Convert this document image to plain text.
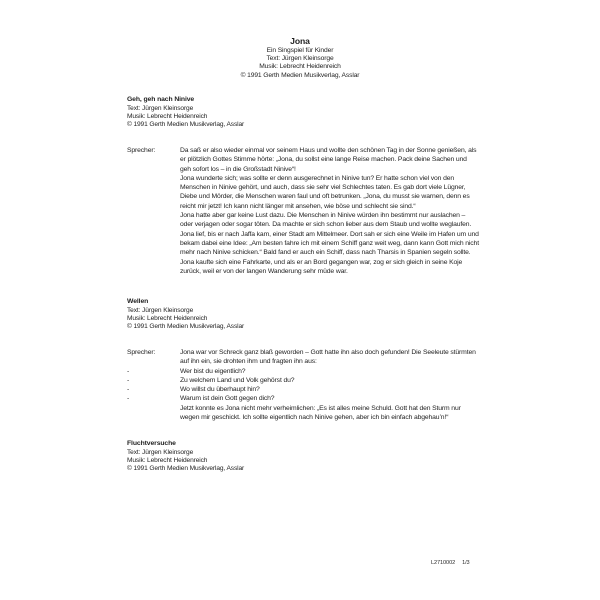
Jona
Ein Singspiel für Kinder
Text: Jürgen Kleinsorge
Musik: Lebrecht Heidenreich
© 1991 Gerth Medien Musikverlag, Asslar
Geh, geh nach Ninive
Text: Jürgen Kleinsorge
Musik: Lebrecht Heidenreich
© 1991 Gerth Medien Musikverlag, Asslar
Sprecher:	Da saß er also wieder einmal vor seinem Haus und wollte den schönen Tag in der Sonne genießen, als er plötzlich Gottes Stimme hörte: „Jona, du sollst eine lange Reise machen. Pack deine Sachen und geh sofort los – in die Großstadt Ninive“!

Jona wunderte sich; was sollte er denn ausgerechnet in Ninive tun? Er hatte schon viel von den Menschen in Ninive gehört, und auch, dass sie sehr viel Schlechtes taten. Es gab dort viele Lügner, Diebe und Mörder, die Menschen waren faul und oft betrunken. „Jona, du musst sie warnen, denn es reicht mir jetzt! Ich kann nicht länger mit ansehen, wie böse und schlecht sie sind.“

Jona hatte aber gar keine Lust dazu. Die Menschen in Ninive würden ihn bestimmt nur auslachen – oder verjagen oder sogar töten. Da machte er sich schon lieber aus dem Staub und wollte weglaufen. Jona lief, bis er nach Jaffa kam, einer Stadt am Mittelmeer. Dort sah er sich eine Weile im Hafen um und bekam dabei eine Idee: „Am besten fahre ich mit einem Schiff ganz weit weg, dann kann Gott mich nicht mehr nach Ninive schicken.“ Bald fand er auch ein Schiff, dass nach Tharsis in Spanien segeln sollte. Jona kaufte sich eine Fahrkarte, und als er an Bord gegangen war, zog er sich gleich in seine Koje zurück, weil er von der langen Wanderung sehr müde war.

Wellen
Text: Jürgen Kleinsorge
Musik: Lebrecht Heidenreich
© 1991 Gerth Medien Musikverlag, Asslar
Sprecher:	Jona war vor Schreck ganz blaß geworden – Gott hatte ihn also doch gefunden! Die Seeleute stürmten auf ihn ein, sie drohten ihm und fragten ihn aus:

-	Wer bist du eigentlich?
-	Zu welchem Land und Volk gehörst du?
-	Wo willst du überhaupt hin?
-	Warum ist dein Gott gegen dich?

Jetzt konnte es Jona nicht mehr verheimlichen: „Es ist alles meine Schuld. Gott hat den Sturm nur wegen mir geschickt. Ich sollte eigentlich nach Ninive gehen, aber ich bin einfach abgehau’n!“

Fluchtversuche
Text: Jürgen Kleinsorge
Musik: Lebrecht Heidenreich
© 1991 Gerth Medien Musikverlag, Asslar
L2710002 1/3
